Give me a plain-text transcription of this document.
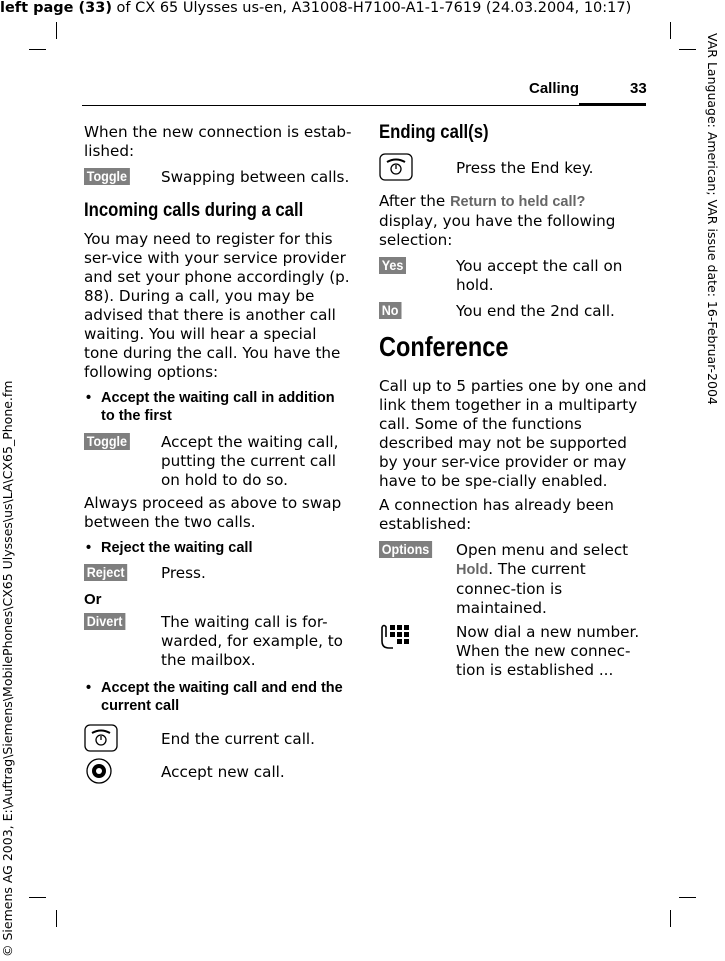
left page (33) of CX 65 Ulysses us-en, A31008-H7100-A1-1-7619 (24.03.2004, 10:17)
VAR Language: American; VAR issue date: 16-Februar-2004
© Siemens AG 2003, E:\Auftrag\Siemens\MobilePhones\CX65 Ulysses\us\LA\CX65_Phone.fm
Calling	33

When the new connection is estab-lished:

Toggle Swapping between calls.
Incoming calls during a call

You may need to register for this ser-vice with your service provider and set your phone accordingly (p. 88). During a call, you may be advised that there is another call waiting. You will hear a special tone during the call. You have the following options:

• Accept the waiting call in addition to the first
Toggle Accept the waiting call, putting the current call on hold to do so.

Always proceed as above to swap between the two calls.

• Reject the waiting call
Reject Press.
Or
Divert	The waiting call is for-warded, for example, to the mailbox.
• Accept the waiting call and end the current call
End the current call.
Accept new call.
Ending call(s)
Press the End key.

After the Return to held call? display, you have the following selection:

Yes	You accept the call on hold.
No	You end the 2nd call.
Conference

Call up to 5 parties one by one and link them together in a multiparty call. Some of the functions described may not be supported by your ser-vice provider or may have to be spe-cially enabled.

A connection has already been established:

Options Open menu and select Hold. The current connec-tion is maintained.
Now dial a new number. When the new connec-tion is established ...
